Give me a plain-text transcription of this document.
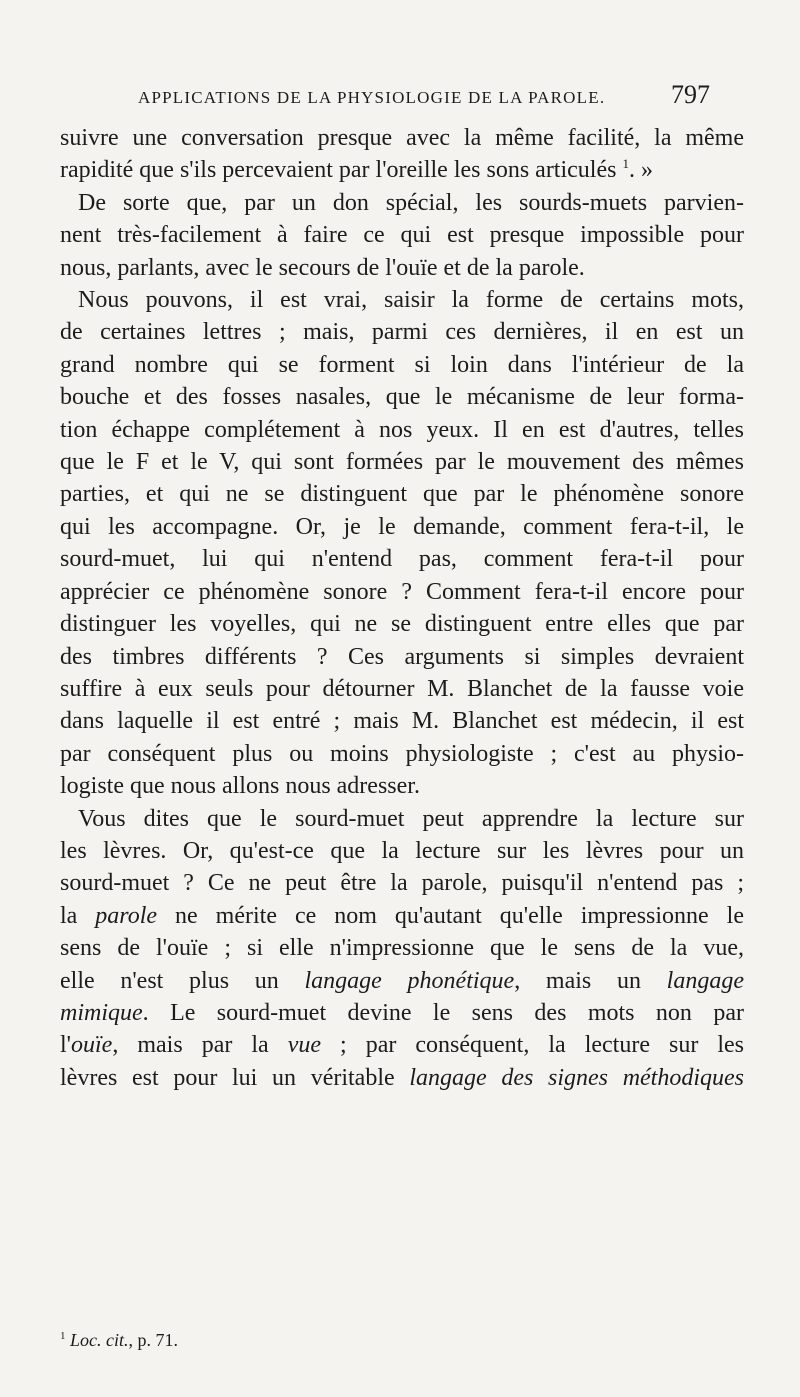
APPLICATIONS DE LA PHYSIOLOGIE DE LA PAROLE.	797

suivre une conversation presque avec la même facilité, la même
rapidité que s'ils percevaient par l'oreille les sons articulés $^1$. »

De sorte que, par un don spécial, les sourds-muets parvien-
nent très-facilement à faire ce qui est presque impossible pour
nous, parlants, avec le secours de l'ouïe et de la parole.

Nous pouvons, il est vrai, saisir la forme de certains mots,
de certaines lettres ; mais, parmi ces dernières, il en est un
grand nombre qui se forment si loin dans l'intérieur de la
bouche et des fosses nasales, que le mécanisme de leur forma-
tion échappe complétement à nos yeux. Il en est d'autres, telles
que le F et le V, qui sont formées par le mouvement des mêmes
parties, et qui ne se distinguent que par le phénomène sonore
qui les accompagne. Or, je le demande, comment fera-t-il, le
sourd-muet, lui qui n'entend pas, comment fera-t-il pour
apprécier ce phénomène sonore ? Comment fera-t-il encore pour
distinguer les voyelles, qui ne se distinguent entre elles que par
des timbres différents ? Ces arguments si simples devraient
suffire à eux seuls pour détourner M. Blanchet de la fausse voie
dans laquelle il est entré ; mais M. Blanchet est médecin, il est
par conséquent plus ou moins physiologiste ; c'est au physio-
logiste que nous allons nous adresser.

Vous dites que le sourd-muet peut apprendre la lecture sur
les lèvres. Or, qu'est-ce que la lecture sur les lèvres pour un
sourd-muet ? Ce ne peut être la parole, puisqu'il n'entend pas ;
la parole ne mérite ce nom qu'autant qu'elle impressionne le
sens de l'ouïe ; si elle n'impressionne que le sens de la vue,
elle n'est plus un langage phonétique, mais un langage
mimique. Le sourd-muet devine le sens des mots non par
l'ouïe, mais par la vue ; par conséquent, la lecture sur les
lèvres est pour lui un véritable langage des signes méthodiques

$^1$ Loc. cit., p. 71.
